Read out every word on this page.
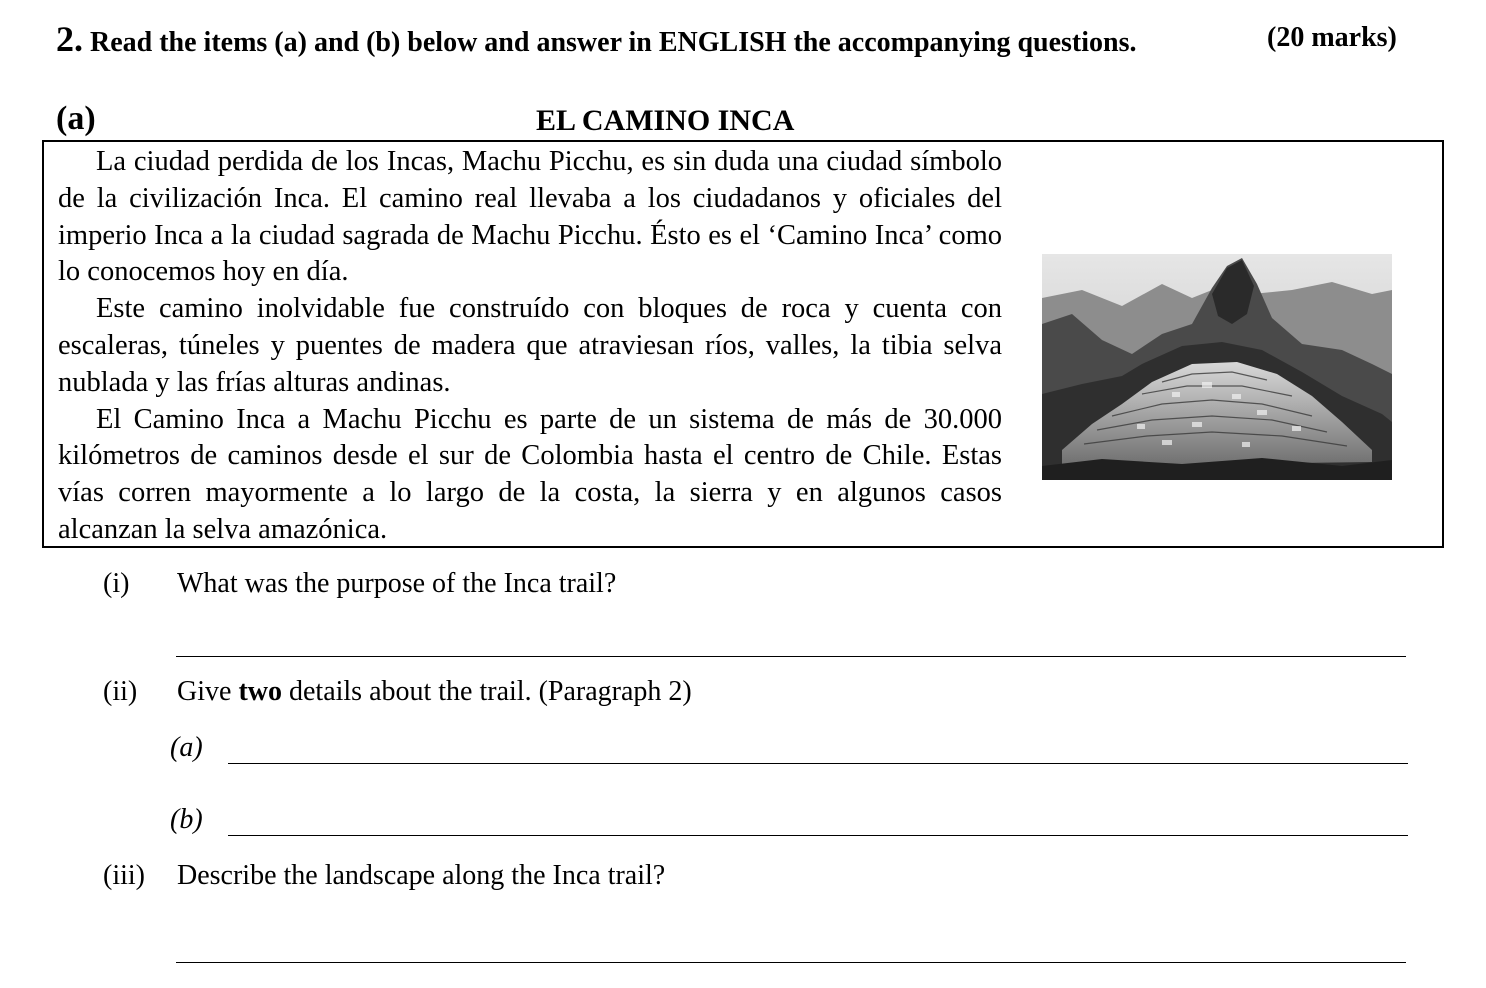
2. Read the items (a) and (b) below and answer in ENGLISH the accompanying questions.	(20 marks)
(a)	EL CAMINO INCA

La ciudad perdida de los Incas, Machu Picchu, es sin duda una ciudad símbolo de la civilización Inca. El camino real llevaba a los ciudadanos y oficiales del imperio Inca a la ciudad sagrada de Machu Picchu. Ésto es el ‘Camino Inca’ como lo conocemos hoy en día.

Este camino inolvidable fue construído con bloques de roca y cuenta con escaleras, túneles y puentes de madera que atraviesan ríos, valles, la tibia selva nublada y las frías alturas andinas.

El Camino Inca a Machu Picchu es parte de un sistema de más de 30.000 kilómetros de caminos desde el sur de Colombia hasta el centro de Chile. Estas vías corren mayormente a lo largo de la costa, la sierra y en algunos casos alcanzan la selva amazónica.

(i) What was the purpose of the Inca trail?
(ii) Give two details about the trail. (Paragraph 2)
(a)
(b)
(iii) Describe the landscape along the Inca trail?
